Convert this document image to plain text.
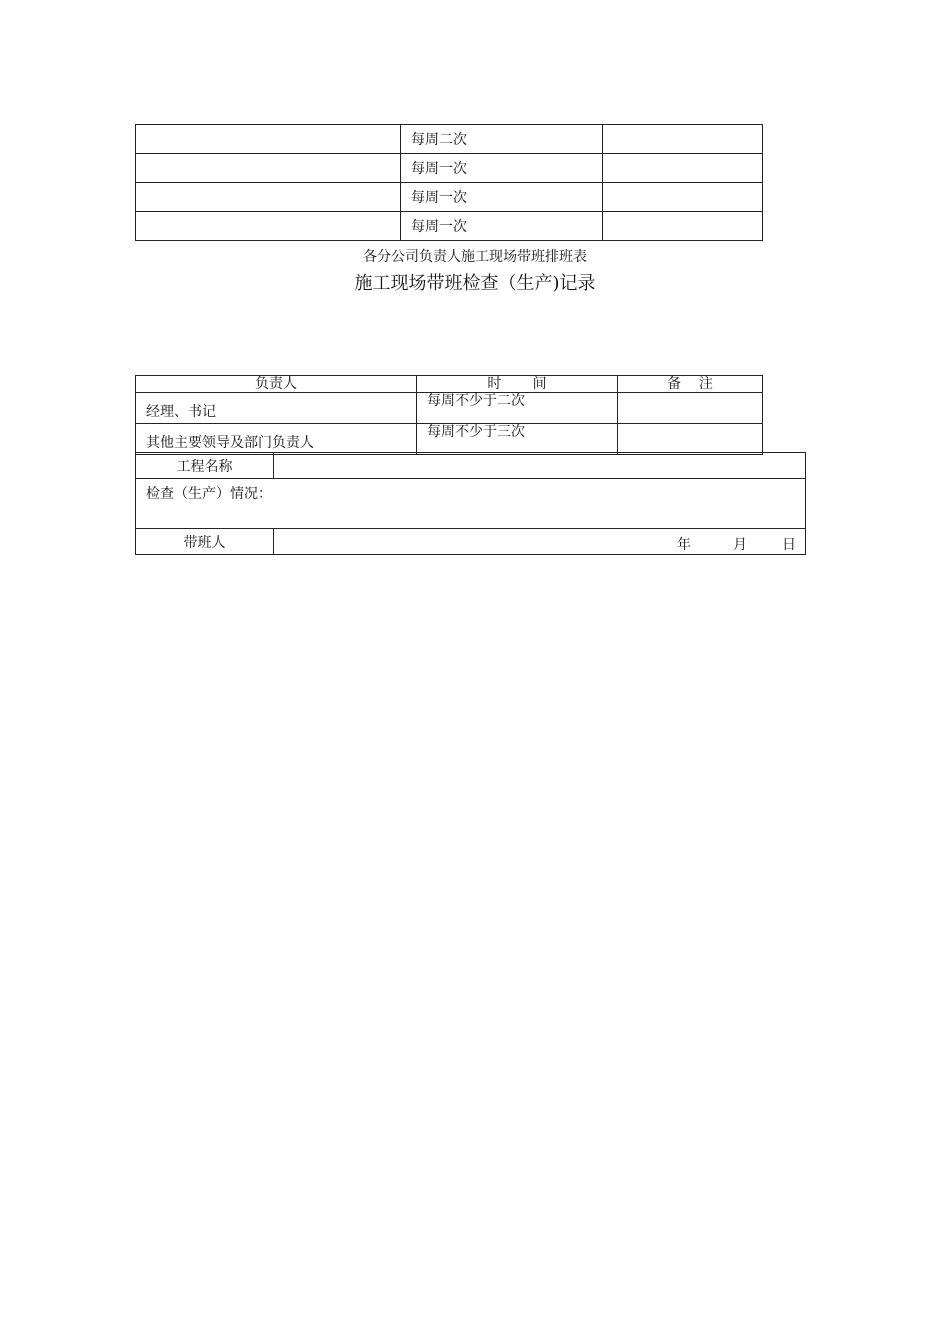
	每周二次	
	每周一次	
	每周一次	
	每周一次	
各分公司负责人施工现场带班排班表
施工现场带班检查（生产)记录
负责人	时       间	备    注
经理、书记	每周不少于二次	
其他主要领导及部门负责人	每周不少于三次	
工程名称	
检查（生产）情况：	
带班人	年 月 日
